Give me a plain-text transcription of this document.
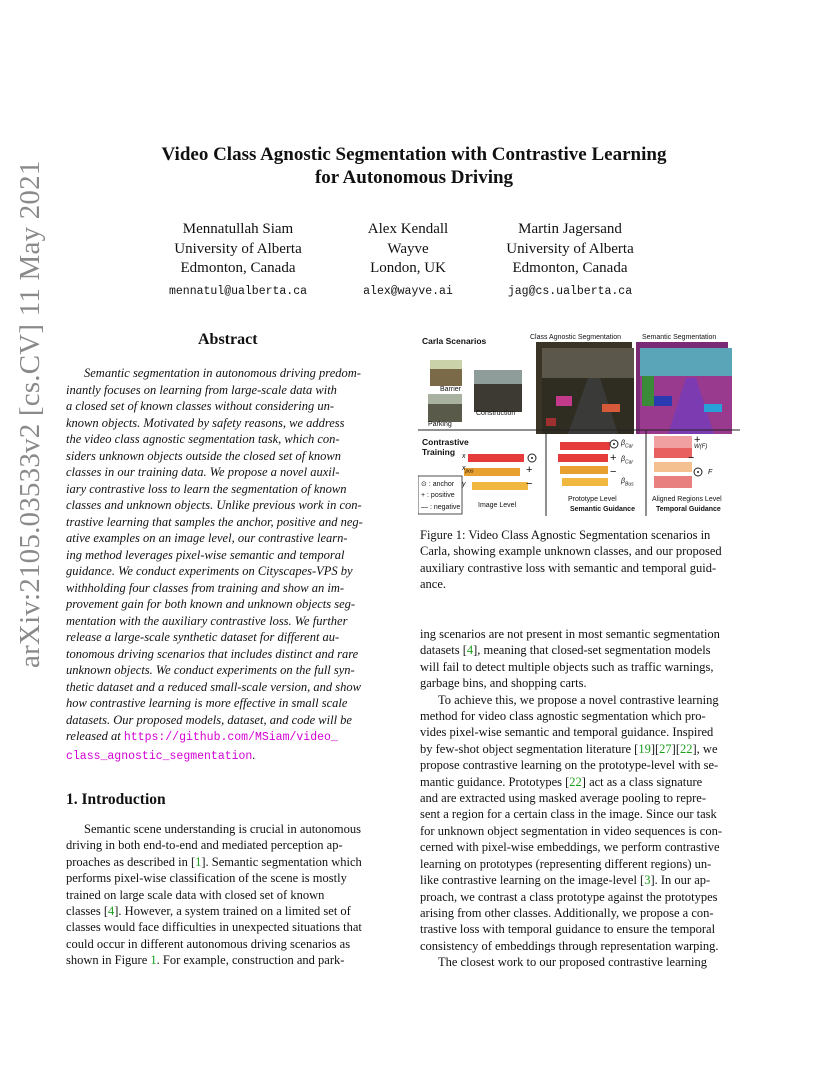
Video Class Agnostic Segmentation with Contrastive Learning
for Autonomous Driving
Mennatullah Siam
University of Alberta
Edmonton, Canada
mennatul@ualberta.ca
Alex Kendall
Wayve
London, UK
alex@wayve.ai
Martin Jagersand
University of Alberta
Edmonton, Canada
jag@cs.ualberta.ca
arXiv:2105.03533v2 [cs.CV] 11 May 2021	Abstract
Semantic segmentation in autonomous driving predom-
inantly focuses on learning from large-scale data with
a closed set of known classes without considering un-
known objects. Motivated by safety reasons, we address
the video class agnostic segmentation task, which con-
siders unknown objects outside the closed set of known
classes in our training data. We propose a novel auxil-
iary contrastive loss to learn the segmentation of known
classes and unknown objects. Unlike previous work in con-
trastive learning that samples the anchor, positive and neg-
ative examples on an image level, our contrastive learn-
ing method leverages pixel-wise semantic and temporal
guidance. We conduct experiments on Cityscapes-VPS by
withholding four classes from training and show an im-
provement gain for both known and unknown objects seg-
mentation with the auxiliary contrastive loss. We further
release a large-scale synthetic dataset for different au-
tonomous driving scenarios that includes distinct and rare
unknown objects. We conduct experiments on the full syn-
thetic dataset and a reduced small-scale version, and show
how contrastive learning is more effective in small scale
datasets. Our proposed models, dataset, and code will be
released at https://github.com/MSiam/video_
class_agnostic_segmentation.
1. Introduction

Semantic scene understanding is crucial in autonomous
driving in both end-to-end and mediated perception ap-
proaches as described in [1]. Semantic segmentation which
performs pixel-wise classification of the scene is mostly
trained on large scale data with closed set of known
classes [4]. However, a system trained on a limited set of
classes would face difficulties in unexpected situations that
could occur in different autonomous driving scenarios as
shown in Figure 1. For example, construction and park-

Carla Scenarios	Class Agnostic Segmentation	Semantic Segmentation
Barrier
Construction
Parking
Contrastive
Training x
$x_{pos}$
y
+
−
⊙ : anchor
+ : positive
— : negative	Image Level
$\beta_{Car}$
+ $\beta_{Car}$
−
$\beta_{Bus}$
Prototype Level
Semantic Guidance
+
W(F)
−
F
Aligned Regions Level
Temporal Guidance
Figure 1: Video Class Agnostic Segmentation scenarios in
Carla, showing example unknown classes, and our proposed
auxiliary contrastive loss with semantic and temporal guid-
ance.

ing scenarios are not present in most semantic segmentation
datasets [4], meaning that closed-set segmentation models
will fail to detect multiple objects such as traffic warnings,
garbage bins, and shopping carts.

To achieve this, we propose a novel contrastive learning
method for video class agnostic segmentation which pro-
vides pixel-wise semantic and temporal guidance. Inspired
by few-shot object segmentation literature [19][27][22], we
propose contrastive learning on the prototype-level with se-
mantic guidance. Prototypes [22] act as a class signature
and are extracted using masked average pooling to repre-
sent a region for a certain class in the image. Since our task
for unknown object segmentation in video sequences is con-
cerned with pixel-wise embeddings, we perform contrastive
learning on prototypes (representing different regions) un-
like contrastive learning on the image-level [3]. In our ap-
proach, we contrast a class prototype against the prototypes
arising from other classes. Additionally, we propose a con-
trastive loss with temporal guidance to ensure the temporal
consistency of embeddings through representation warping.

The closest work to our proposed contrastive learning
